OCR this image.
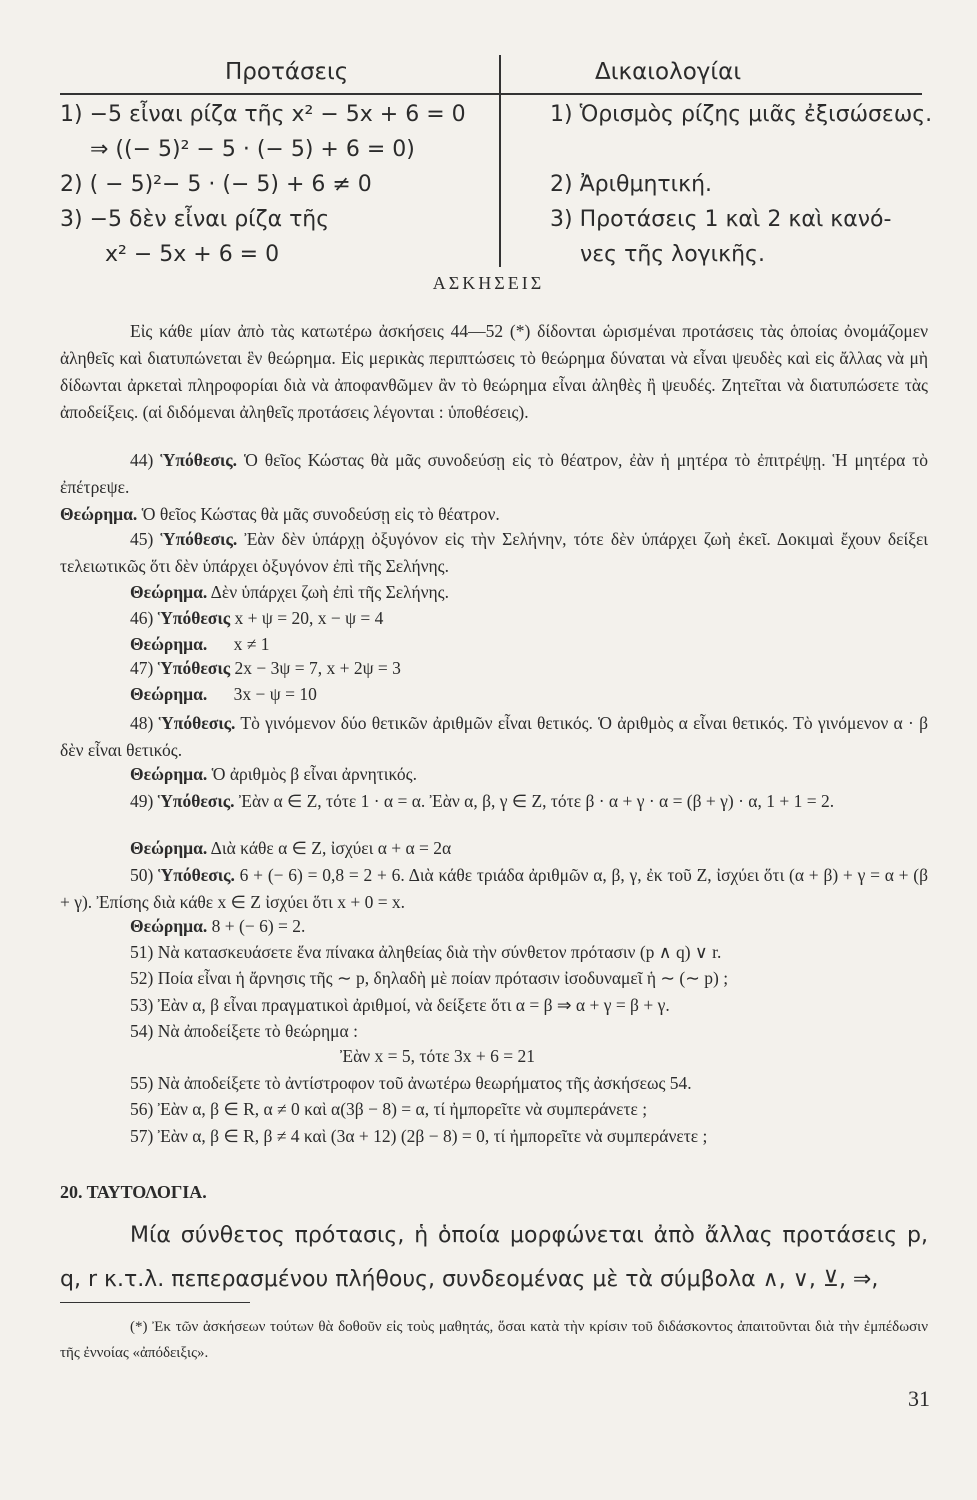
Προτάσεις	Δικαιολογίαι
1) −5 εἶναι ρίζα τῆς x² − 5x + 6 = 0
⇒ ((− 5)² − 5 · (− 5) + 6 = 0)
2) ( − 5)²− 5 · (− 5) + 6 ≠ 0
3) −5 δὲν εἶναι ρίζα τῆς
x² − 5x + 6 = 0
1) Ὁρισμὸς ρίζης μιᾶς ἐξισώσεως.
2) Ἀριθμητική.
3) Προτάσεις 1 καὶ 2 καὶ κανό-
νες τῆς λογικῆς.
ΑΣΚΗΣΕΙΣ
Εἰς κάθε μίαν ἀπὸ τὰς κατωτέρω ἀσκήσεις 44—52 (*) δίδονται ὡρισμέναι προτάσεις τὰς ὁποίας ὀνομάζομεν ἀληθεῖς καὶ διατυπώνεται ἓν θεώρημα. Εἰς μερικὰς περιπτώσεις τὸ θεώρημα δύναται νὰ εἶναι ψευδὲς καὶ εἰς ἄλλας νὰ μὴ δίδωνται ἀρκεταὶ πληροφορίαι διὰ νὰ ἀποφανθῶμεν ἂν τὸ θεώρημα εἶναι ἀληθὲς ἢ ψευδές. Ζητεῖται νὰ διατυπώσετε τὰς ἀποδείξεις. (αἱ διδόμεναι ἀληθεῖς προτάσεις λέγονται : ὑποθέσεις).
44) Ὑπόθεσις. Ὁ θεῖος Κώστας θὰ μᾶς συνοδεύσῃ εἰς τὸ θέατρον, ἐὰν ἡ μητέρα τὸ ἐπιτρέψῃ. Ἡ μητέρα τὸ ἐπέτρεψε.
Θεώρημα. Ὁ θεῖος Κώστας θὰ μᾶς συνοδεύσῃ εἰς τὸ θέατρον.
45) Ὑπόθεσις. Ἐὰν δὲν ὑπάρχῃ ὀξυγόνον εἰς τὴν Σελήνην, τότε δὲν ὑπάρχει ζωὴ ἐκεῖ. Δοκιμαὶ ἔχουν δείξει τελειωτικῶς ὅτι δὲν ὑπάρχει ὀξυγόνον ἐπὶ τῆς Σελήνης.
Θεώρημα. Δὲν ὑπάρχει ζωὴ ἐπὶ τῆς Σελήνης.
46) Ὑπόθεσις x + ψ = 20, x − ψ = 4
Θεώρημα. x ≠ 1
47) Ὑπόθεσις 2x − 3ψ = 7, x + 2ψ = 3
Θεώρημα. 3x − ψ = 10
48) Ὑπόθεσις. Τὸ γινόμενον δύο θετικῶν ἀριθμῶν εἶναι θετικός. Ὁ ἀριθμὸς α εἶναι θετικός. Τὸ γινόμενον α · β δὲν εἶναι θετικός.
Θεώρημα. Ὁ ἀριθμὸς β εἶναι ἀρνητικός.
49) Ὑπόθεσις. Ἐὰν α ∈ Z, τότε 1 · α = α. Ἐὰν α, β, γ ∈ Z, τότε β · α + γ · α = (β + γ) · α, 1 + 1 = 2.
Θεώρημα. Διὰ κάθε α ∈ Z, ἰσχύει α + α = 2α
50) Ὑπόθεσις. 6 + (− 6) = 0,8 = 2 + 6. Διὰ κάθε τριάδα ἀριθμῶν α, β, γ, ἐκ τοῦ Z, ἰσχύει ὅτι (α + β) + γ = α + (β + γ). Ἐπίσης διὰ κάθε x ∈ Z ἰσχύει ὅτι x + 0 = x.
Θεώρημα. 8 + (− 6) = 2.
51) Νὰ κατασκευάσετε ἕνα πίνακα ἀληθείας διὰ τὴν σύνθετον πρότασιν (p ∧ q) ∨ r.
52) Ποία εἶναι ἡ ἄρνησις τῆς ∼ p, δηλαδὴ μὲ ποίαν πρότασιν ἰσοδυναμεῖ ἡ ∼ (∼ p) ;
53) Ἐὰν α, β εἶναι πραγματικοὶ ἀριθμοί, νὰ δείξετε ὅτι α = β ⇒ α + γ = β + γ.
54) Νὰ ἀποδείξετε τὸ θεώρημα :
Ἐὰν x = 5, τότε 3x + 6 = 21
55) Νὰ ἀποδείξετε τὸ ἀντίστροφον τοῦ ἀνωτέρω θεωρήματος τῆς ἀσκήσεως 54.
56) Ἐὰν α, β ∈ R, α ≠ 0 καὶ α(3β − 8) = α, τί ἠμπορεῖτε νὰ συμπεράνετε ;
57) Ἐὰν α, β ∈ R, β ≠ 4 καὶ (3α + 12) (2β − 8) = 0, τί ἠμπορεῖτε νὰ συμπεράνετε ;
20. ΤΑΥΤΟΛΟΓΙΑ.
Μία σύνθετος πρότασις, ἡ ὁποία μορφώνεται ἀπὸ ἄλλας προτάσεις p, q, r κ.τ.λ. πεπερασμένου πλήθους, συνδεομένας μὲ τὰ σύμβολα ∧, ∨, ⊻, ⇒,
(*) Ἐκ τῶν ἀσκήσεων τούτων θὰ δοθοῦν εἰς τοὺς μαθητάς, ὅσαι κατὰ τὴν κρίσιν τοῦ διδάσκοντος ἀπαιτοῦνται διὰ τὴν ἐμπέδωσιν τῆς ἐννοίας «ἀπόδειξις».
31
